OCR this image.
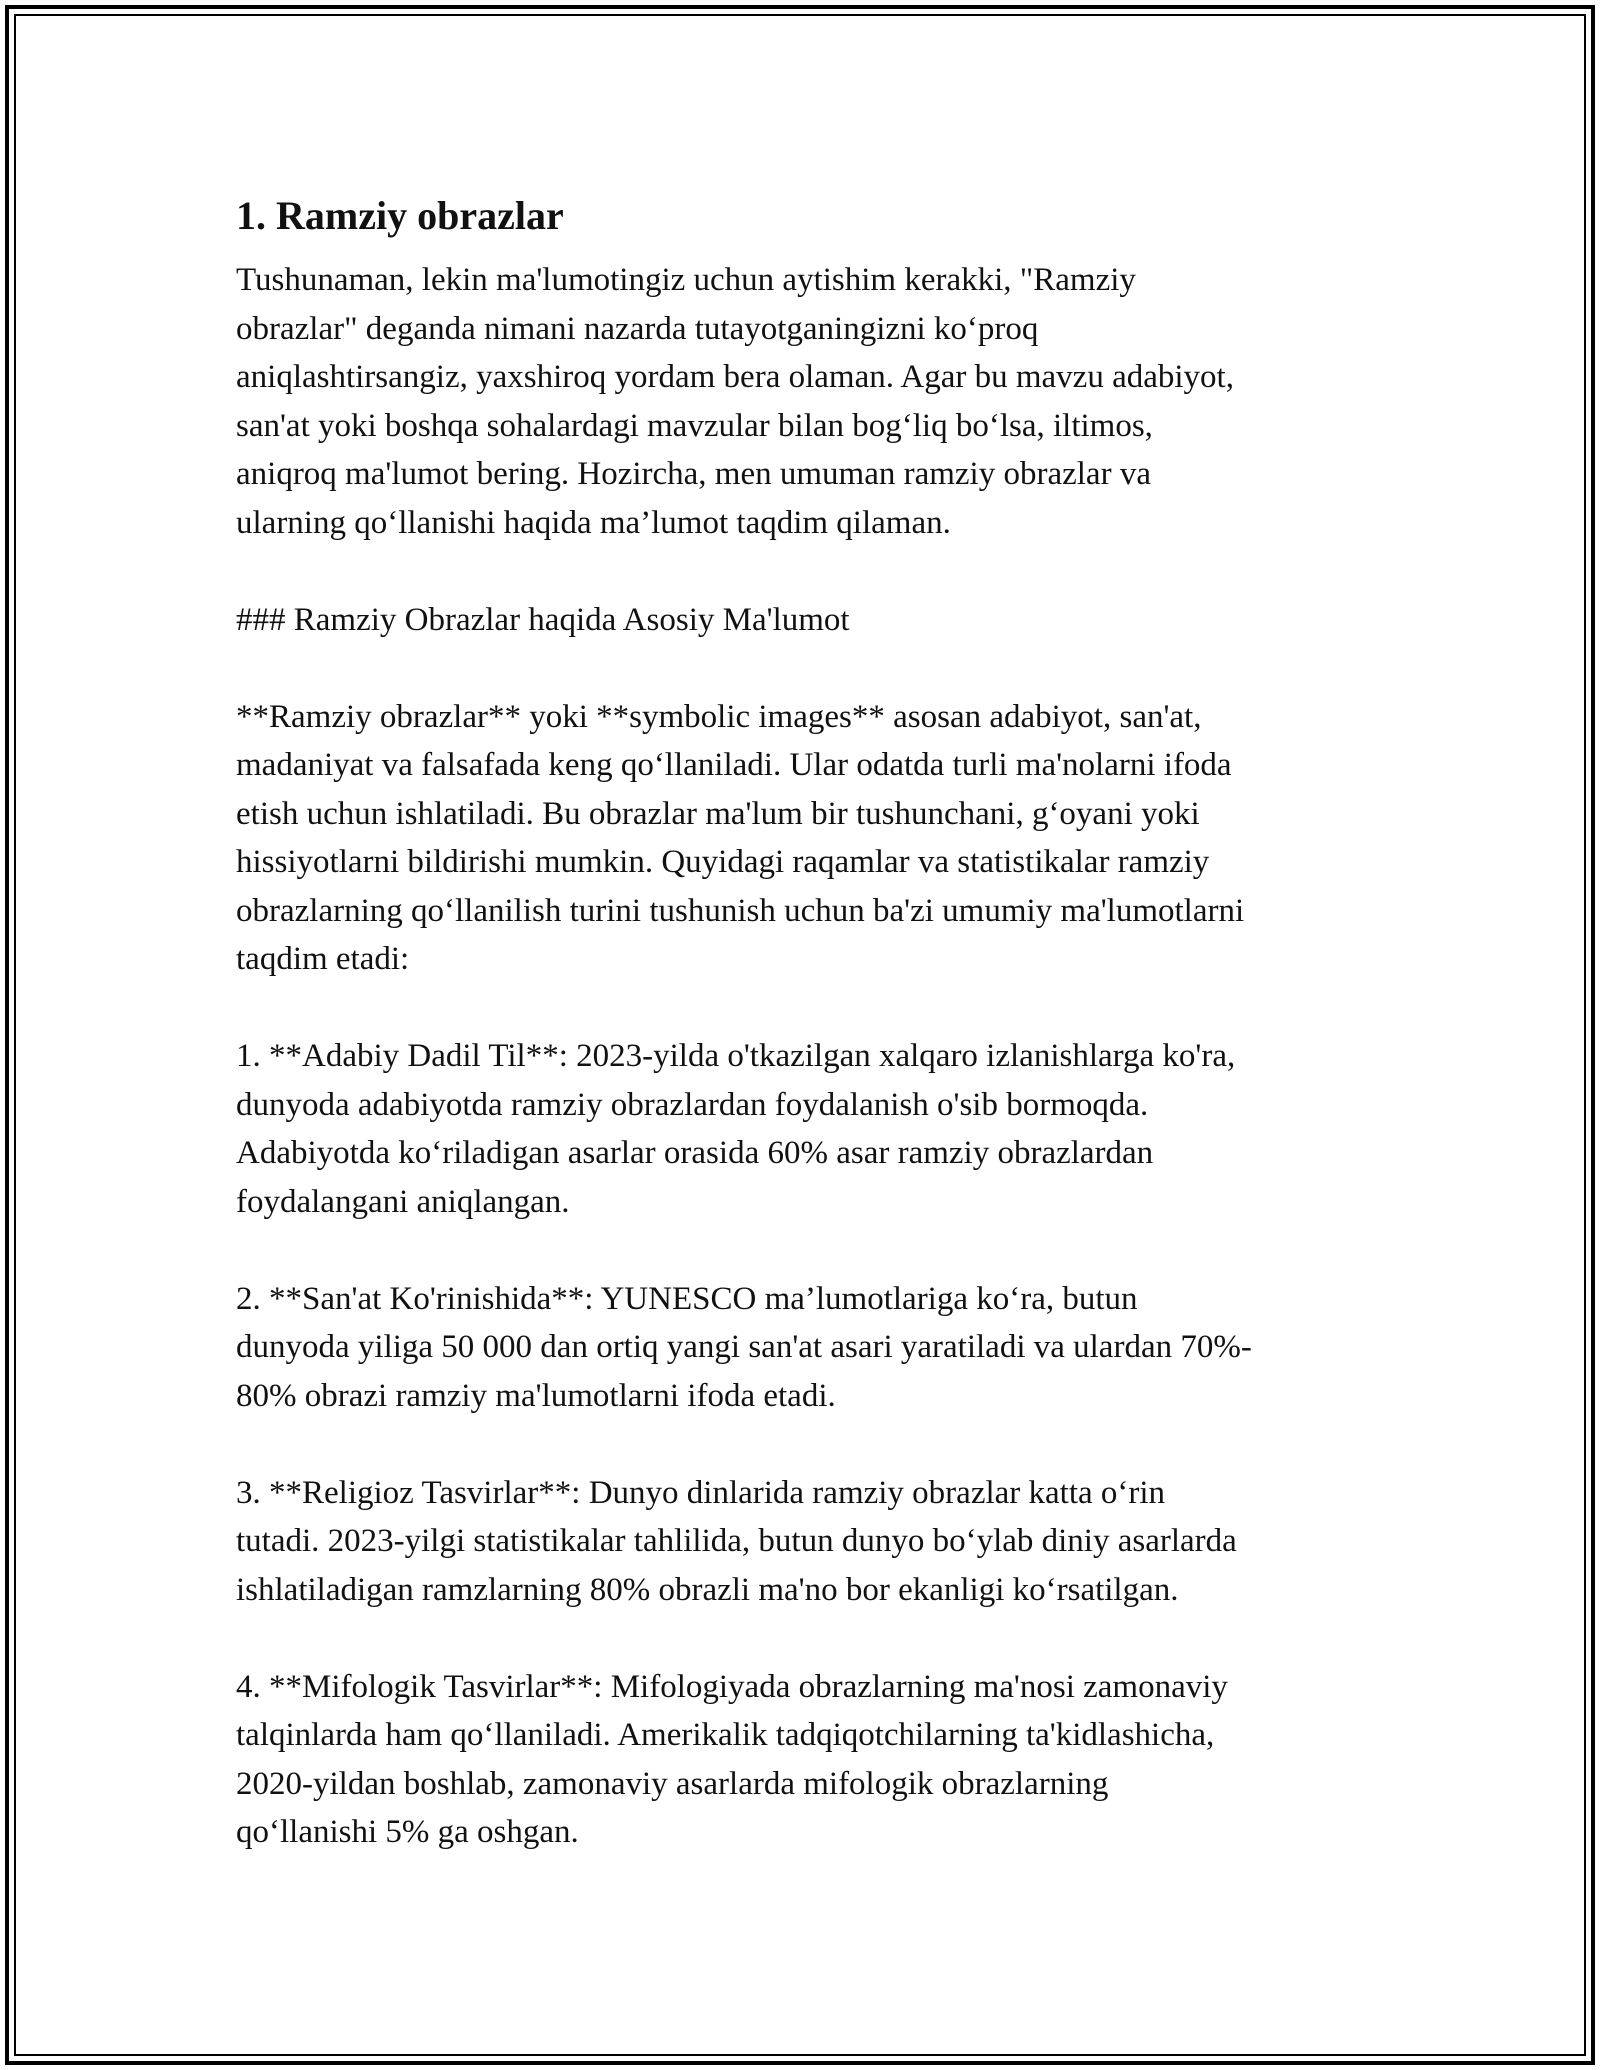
1. Ramziy obrazlar

Tushunaman, lekin ma'lumotingiz uchun aytishim kerakki, "Ramziy
obrazlar" deganda nimani nazarda tutayotganingizni ko‘proq
aniqlashtirsangiz, yaxshiroq yordam bera olaman. Agar bu mavzu adabiyot,
san'at yoki boshqa sohalardagi mavzular bilan bog‘liq bo‘lsa, iltimos,
aniqroq ma'lumot bering. Hozircha, men umuman ramziy obrazlar va
ularning qo‘llanishi haqida ma’lumot taqdim qilaman.

### Ramziy Obrazlar haqida Asosiy Ma'lumot

**Ramziy obrazlar** yoki **symbolic images** asosan adabiyot, san'at,
madaniyat va falsafada keng qo‘llaniladi. Ular odatda turli ma'nolarni ifoda
etish uchun ishlatiladi. Bu obrazlar ma'lum bir tushunchani, g‘oyani yoki
hissiyotlarni bildirishi mumkin. Quyidagi raqamlar va statistikalar ramziy
obrazlarning qo‘llanilish turini tushunish uchun ba'zi umumiy ma'lumotlarni
taqdim etadi:

1. **Adabiy Dadil Til**: 2023-yilda o'tkazilgan xalqaro izlanishlarga ko'ra,
dunyoda adabiyotda ramziy obrazlardan foydalanish o'sib bormoqda.
Adabiyotda ko‘riladigan asarlar orasida 60% asar ramziy obrazlardan
foydalangani aniqlangan.

2. **San'at Ko'rinishida**: YUNESCO ma’lumotlariga ko‘ra, butun
dunyoda yiliga 50 000 dan ortiq yangi san'at asari yaratiladi va ulardan 70%-
80% obrazi ramziy ma'lumotlarni ifoda etadi.

3. **Religioz Tasvirlar**: Dunyo dinlarida ramziy obrazlar katta o‘rin
tutadi. 2023-yilgi statistikalar tahlilida, butun dunyo bo‘ylab diniy asarlarda
ishlatiladigan ramzlarning 80% obrazli ma'no bor ekanligi ko‘rsatilgan.

4. **Mifologik Tasvirlar**: Mifologiyada obrazlarning ma'nosi zamonaviy
talqinlarda ham qo‘llaniladi. Amerikalik tadqiqotchilarning ta'kidlashicha,
2020-yildan boshlab, zamonaviy asarlarda mifologik obrazlarning
qo‘llanishi 5% ga oshgan.
